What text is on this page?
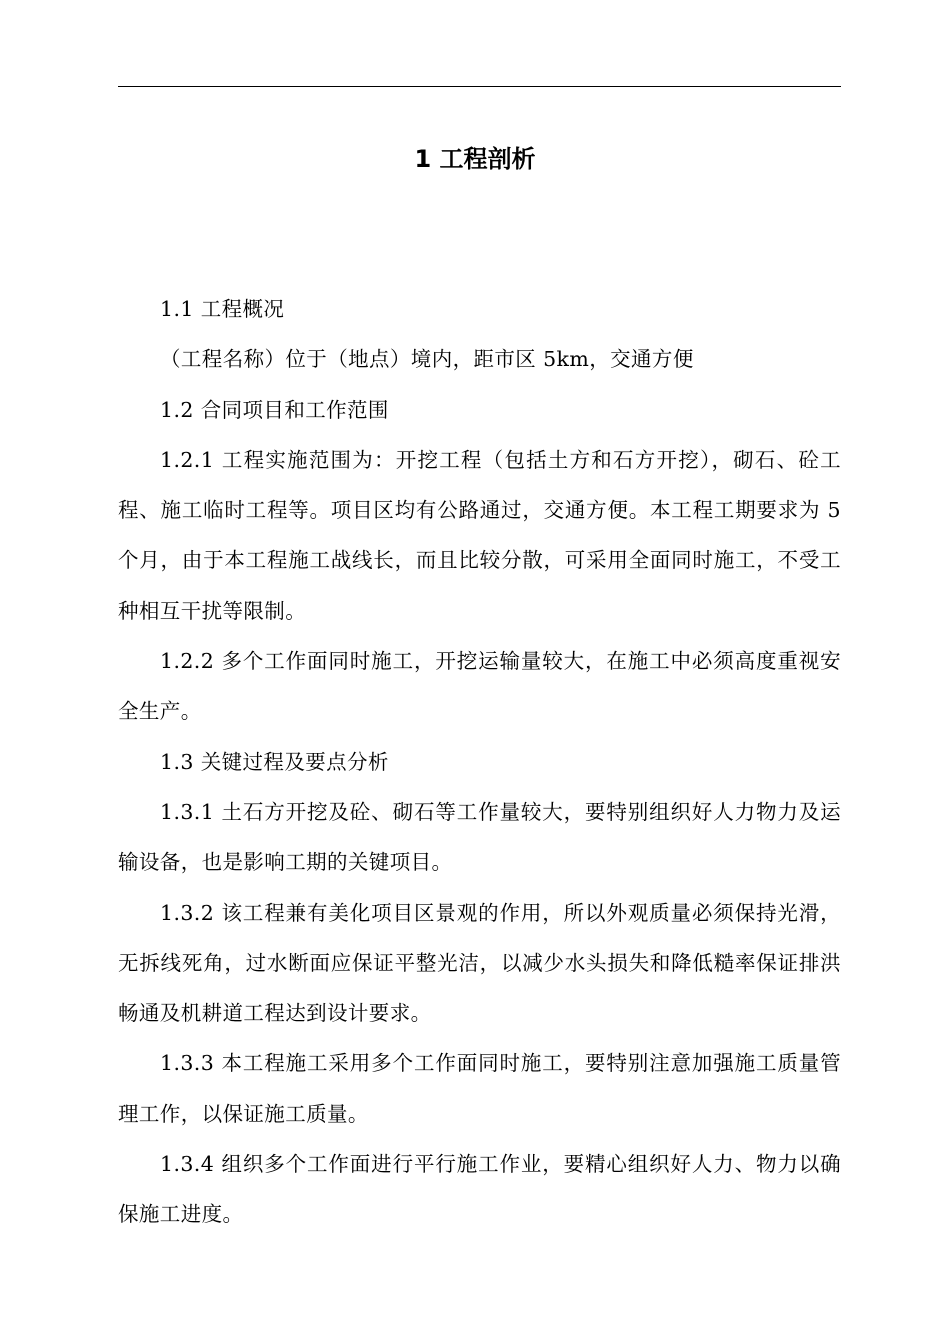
1 工程剖析

1.1 工程概况

（工程名称）位于（地点）境内，距市区 5km，交通方便

1.2 合同项目和工作范围

1.2.1 工程实施范围为：开挖工程（包括土方和石方开挖），砌石、砼工程、施工临时工程等。项目区均有公路通过，交通方便。本工程工期要求为 5 个月，由于本工程施工战线长，而且比较分散，可采用全面同时施工，不受工种相互干扰等限制。

1.2.2 多个工作面同时施工，开挖运输量较大，在施工中必须高度重视安全生产。

1.3 关键过程及要点分析

1.3.1 土石方开挖及砼、砌石等工作量较大，要特别组织好人力物力及运输设备，也是影响工期的关键项目。

1.3.2 该工程兼有美化项目区景观的作用，所以外观质量必须保持光滑，无拆线死角，过水断面应保证平整光洁，以减少水头损失和降低糙率保证排洪畅通及机耕道工程达到设计要求。

1.3.3 本工程施工采用多个工作面同时施工，要特别注意加强施工质量管理工作，以保证施工质量。

1.3.4 组织多个工作面进行平行施工作业，要精心组织好人力、物力以确保施工进度。
